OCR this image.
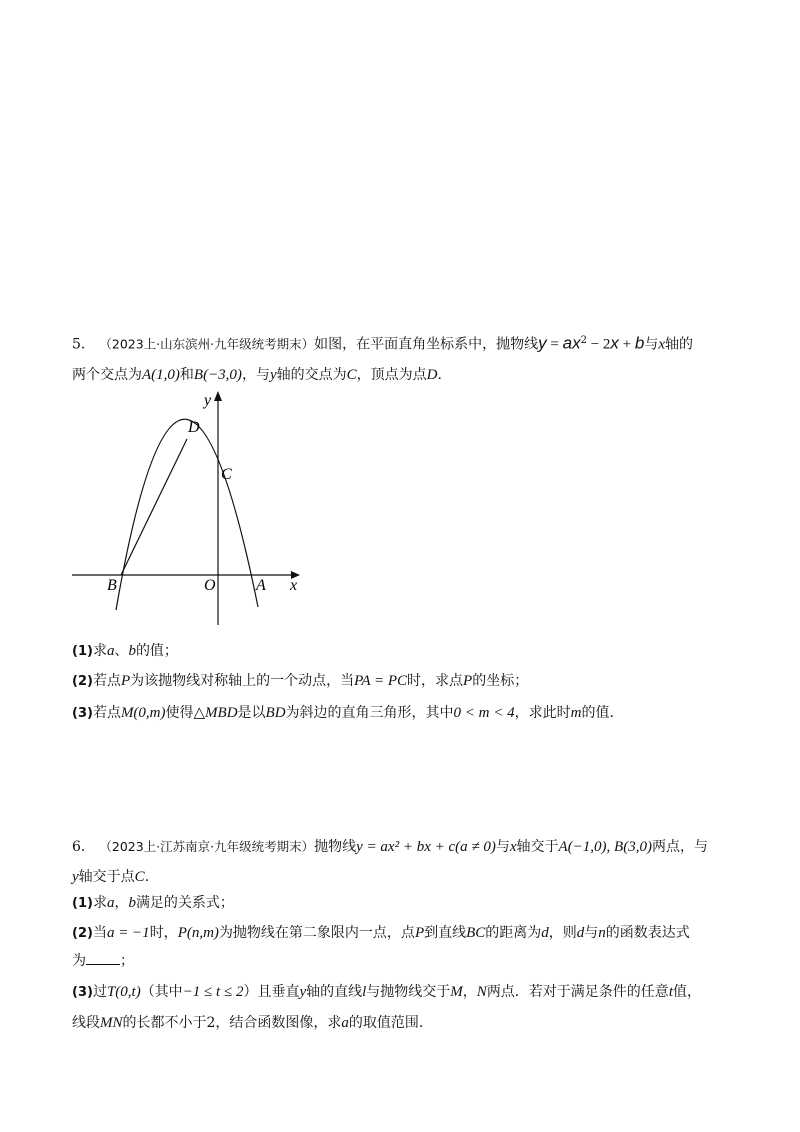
5． （2023上·山东滨州·九年级统考期末）如图，在平面直角坐标系中，抛物线$y = ax^2 - 2x + b$与x轴的
两个交点为A(1,0)和B(−3,0)，与y轴的交点为C，顶点为点D.
y
D
C
B	O	A x
(1)求a、b的值；
(2)若点P为该抛物线对称轴上的一个动点，当PA = PC时，求点P的坐标；
(3)若点M(0,m)使得△MBD是以BD为斜边的直角三角形，其中0 < m < 4，求此时m的值.
6． （2023上·江苏南京·九年级统考期末）抛物线y = ax² + bx + c(a ≠ 0)与x轴交于A(−1,0), B(3,0)两点，与
y轴交于点C.
(1)求a，b满足的关系式；
(2)当a = −1时，P(n,m)为抛物线在第二象限内一点，点P到直线BC的距离为d，则d与n的函数表达式
为 ；
(3)过T(0,t)（其中−1 ≤ t ≤ 2）且垂直y轴的直线l与抛物线交于M，N两点．若对于满足条件的任意t值，
线段MN的长都不小于2，结合函数图像，求a的取值范围.
